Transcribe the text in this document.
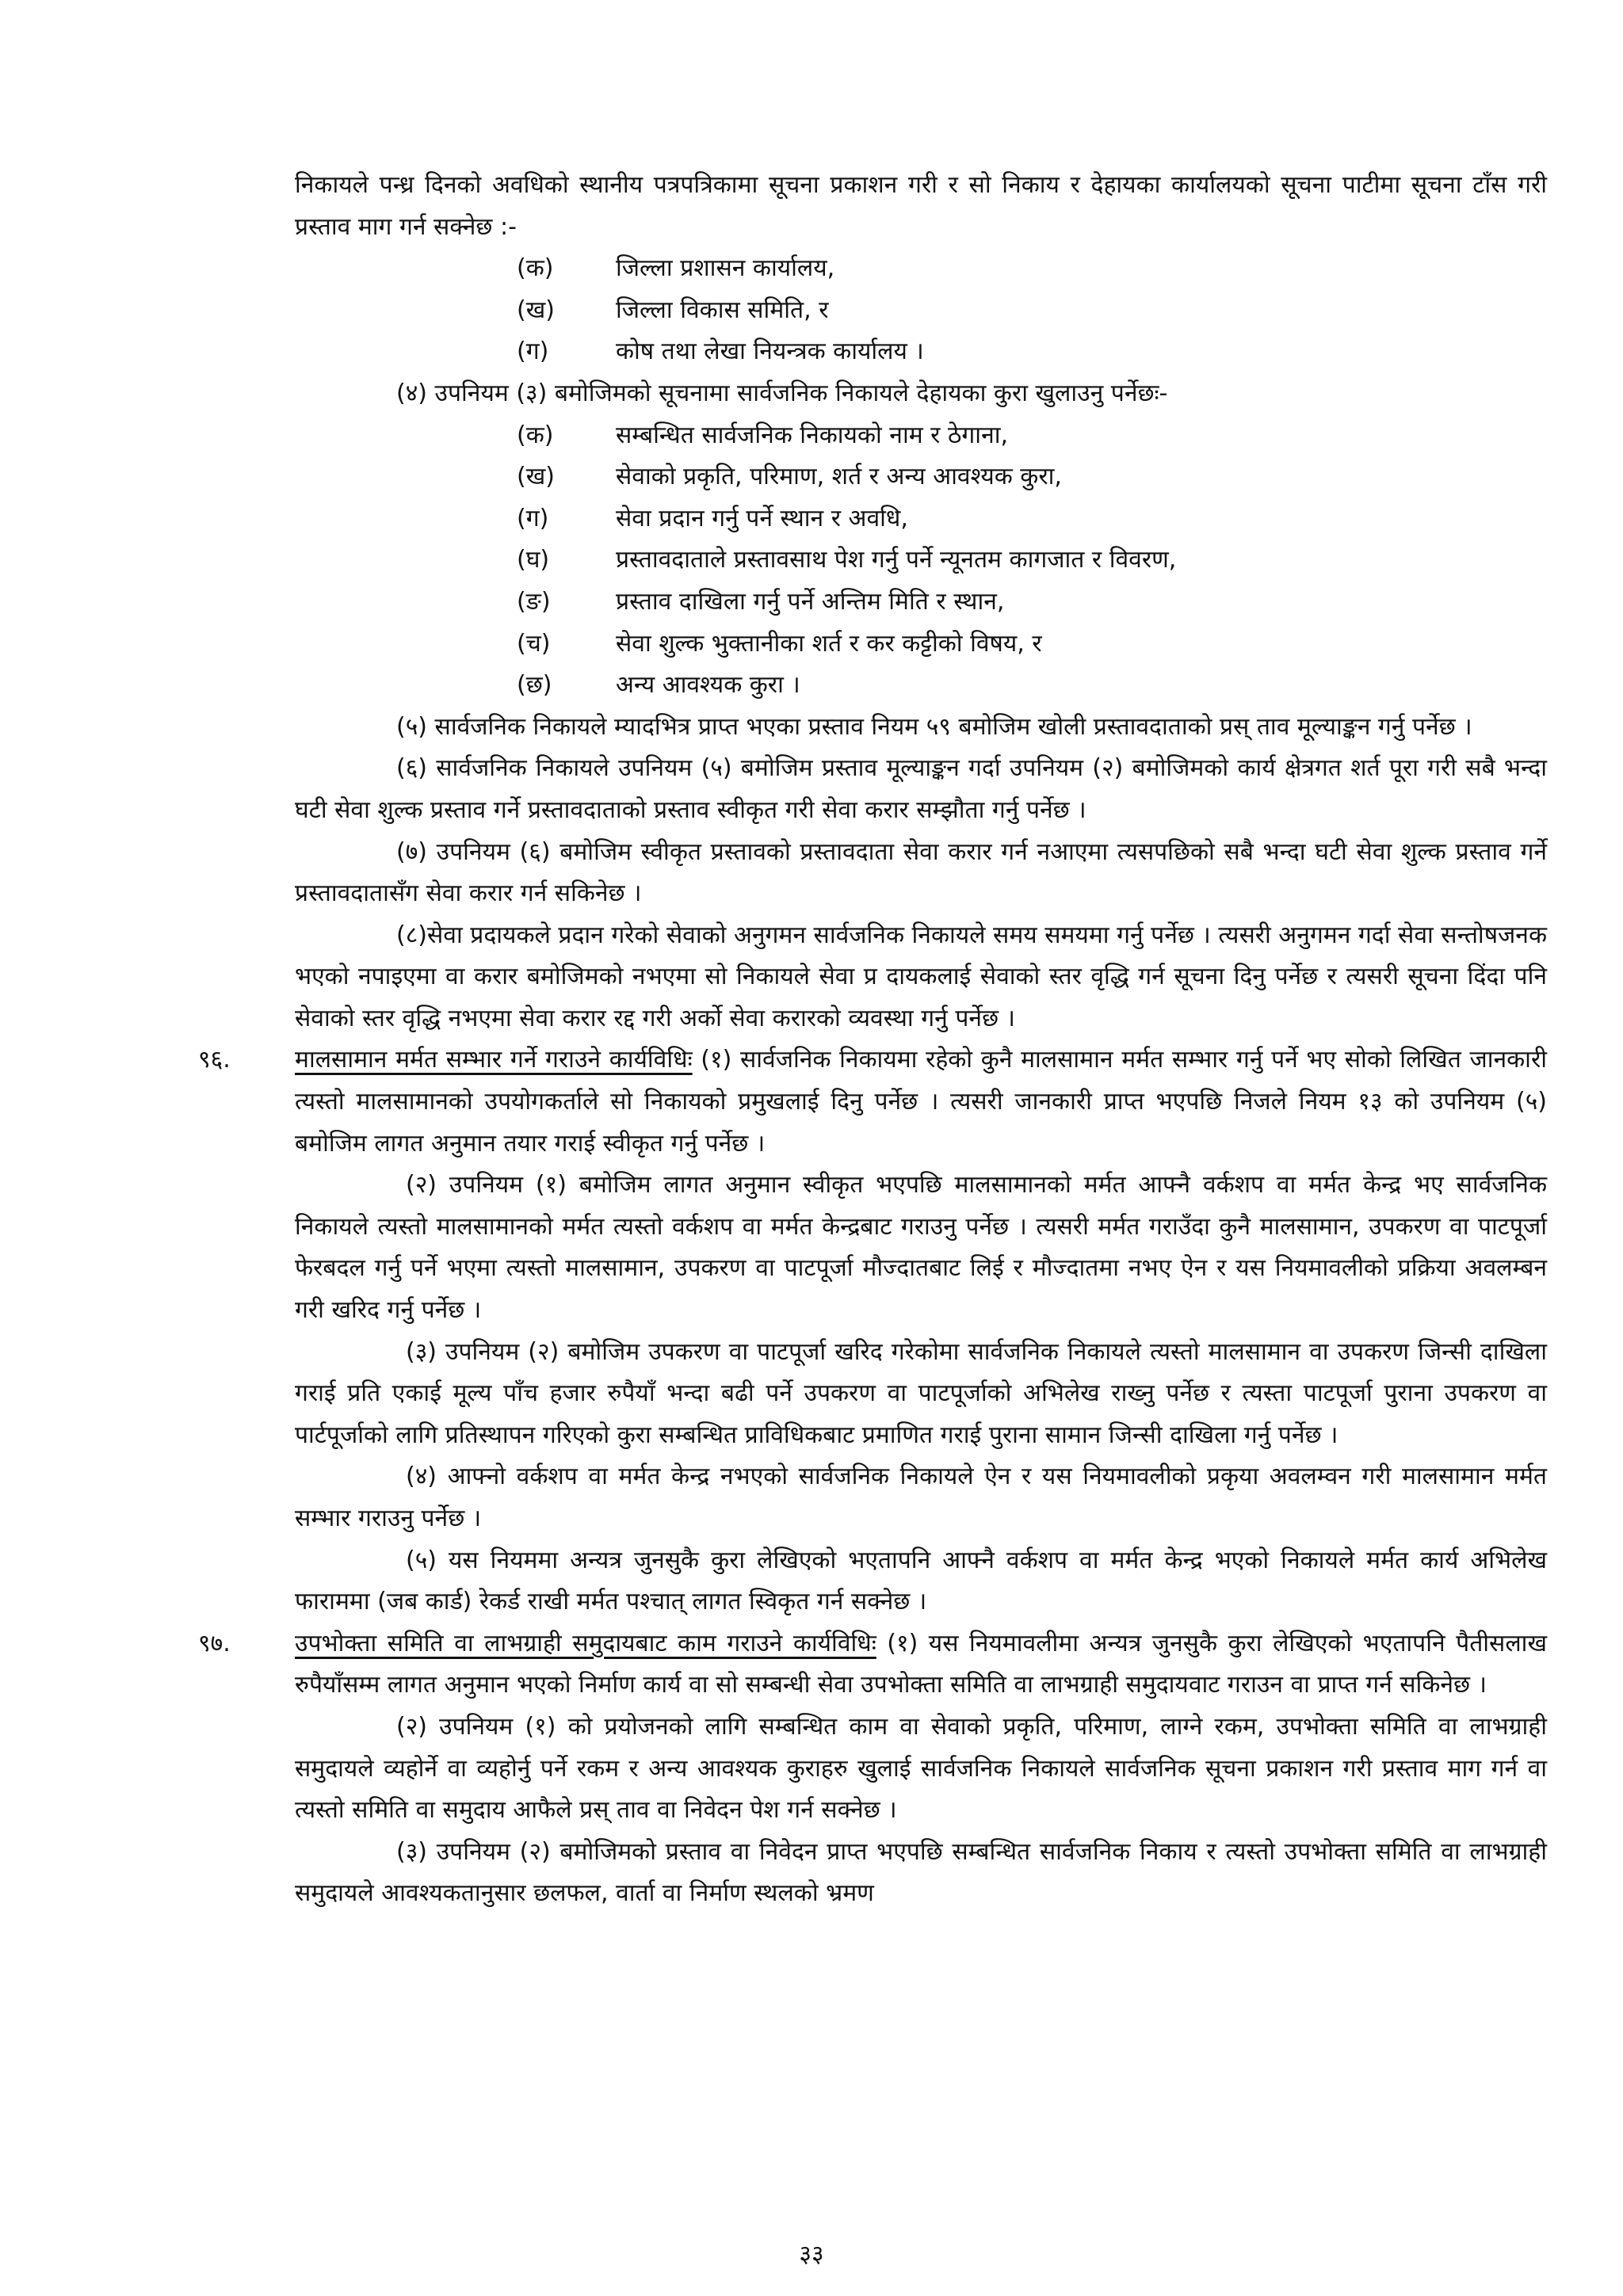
निकायले पन्ध्र दिनको अवधिको स्थानीय पत्रपत्रिकामा सूचना प्रकाशन गरी र सो निकाय र देहायका कार्यालयको सूचना पाटीमा सूचना टाँस गरी प्रस्ताव माग गर्न सक्नेछ :-

(क)	जिल्ला प्रशासन कार्यालय,
(ख)	जिल्ला विकास समिति, र
(ग)	कोष तथा लेखा नियन्त्रक कार्यालय ।

(४) उपनियम (३) बमोजिमको सूचनामा सार्वजनिक निकायले देहायका कुरा खुलाउनु पर्नेछः-

(क)	सम्बन्धित सार्वजनिक निकायको नाम र ठेगाना,
(ख)	सेवाको प्रकृति, परिमाण, शर्त र अन्य आवश्यक कुरा,
(ग)	सेवा प्रदान गर्नु पर्ने स्थान र अवधि,
(घ)	प्रस्तावदाताले प्रस्तावसाथ पेश गर्नु पर्ने न्यूनतम कागजात र विवरण,
(ङ)	प्रस्ताव दाखिला गर्नु पर्ने अन्तिम मिति र स्थान,
(च)	सेवा शुल्क भुक्तानीका शर्त र कर कट्टीको विषय, र
(छ)	अन्य आवश्यक कुरा ।

(५) सार्वजनिक निकायले म्यादभित्र प्राप्त भएका प्रस्ताव नियम ५९ बमोजिम खोली प्रस्तावदाताको प्रस् ताव मूल्याङ्कन गर्नु पर्नेछ ।

(६) सार्वजनिक निकायले उपनियम (५) बमोजिम प्रस्ताव मूल्याङ्कन गर्दा उपनियम (२) बमोजिमको कार्य क्षेत्रगत शर्त पूरा गरी सबै भन्दा घटी सेवा शुल्क प्रस्ताव गर्ने प्रस्तावदाताको प्रस्ताव स्वीकृत गरी सेवा करार सम्झौता गर्नु पर्नेछ ।

(७) उपनियम (६) बमोजिम स्वीकृत प्रस्तावको प्रस्तावदाता सेवा करार गर्न नआएमा त्यसपछिको सबै भन्दा घटी सेवा शुल्क प्रस्ताव गर्ने प्रस्तावदातासँग सेवा करार गर्न सकिनेछ ।

(८)सेवा प्रदायकले प्रदान गरेको सेवाको अनुगमन सार्वजनिक निकायले समय समयमा गर्नु पर्नेछ । त्यसरी अनुगमन गर्दा सेवा सन्तोषजनक भएको नपाइएमा वा करार बमोजिमको नभएमा सो निकायले सेवा प्र दायकलाई सेवाको स्तर वृद्धि गर्न सूचना दिनु पर्नेछ र त्यसरी सूचना दिंदा पनि सेवाको स्तर वृद्धि नभएमा सेवा करार रद्द गरी अर्को सेवा करारको व्यवस्था गर्नु पर्नेछ ।

९६.	मालसामान मर्मत सम्भार गर्ने गराउने कार्यविधिः (१) सार्वजनिक निकायमा रहेको कुनै मालसामान मर्मत सम्भार गर्नु पर्ने भए सोको लिखित जानकारी त्यस्तो मालसामानको उपयोगकर्ताले सो निकायको प्रमुखलाई दिनु पर्नेछ । त्यसरी जानकारी प्राप्त भएपछि निजले नियम १३ को उपनियम (५) बमोजिम लागत अनुमान तयार गराई स्वीकृत गर्नु पर्नेछ ।

(२) उपनियम (१) बमोजिम लागत अनुमान स्वीकृत भएपछि मालसामानको मर्मत आफ्नै वर्कशप वा मर्मत केन्द्र भए सार्वजनिक निकायले त्यस्तो मालसामानको मर्मत त्यस्तो वर्कशप वा मर्मत केन्द्रबाट गराउनु पर्नेछ । त्यसरी मर्मत गराउँदा कुनै मालसामान, उपकरण वा पाटपूर्जा फेरबदल गर्नु पर्ने भएमा त्यस्तो मालसामान, उपकरण वा पाटपूर्जा मौज्दातबाट लिई र मौज्दातमा नभए ऐन र यस नियमावलीको प्रक्रिया अवलम्बन गरी खरिद गर्नु पर्नेछ ।

(३) उपनियम (२) बमोजिम उपकरण वा पाटपूर्जा खरिद गरेकोमा सार्वजनिक निकायले त्यस्तो मालसामान वा उपकरण जिन्सी दाखिला गराई प्रति एकाई मूल्य पाँच हजार रुपैयाँ भन्दा बढी पर्ने उपकरण वा पाटपूर्जाको अभिलेख राख्नु पर्नेछ र त्यस्ता पाटपूर्जा पुराना उपकरण वा पार्टपूर्जाको लागि प्रतिस्थापन गरिएको कुरा सम्बन्धित प्राविधिकबाट प्रमाणित गराई पुराना सामान जिन्सी दाखिला गर्नु पर्नेछ ।

(४) आफ्नो वर्कशप वा मर्मत केन्द्र नभएको सार्वजनिक निकायले ऐन र यस नियमावलीको प्रकृया अवलम्वन गरी मालसामान मर्मत सम्भार गराउनु पर्नेछ ।

(५) यस नियममा अन्यत्र जुनसुकै कुरा लेखिएको भएतापनि आफ्नै वर्कशप वा मर्मत केन्द्र भएको निकायले मर्मत कार्य अभिलेख फाराममा (जब कार्ड) रेकर्ड राखी मर्मत पश्चात् लागत स्विकृत गर्न सक्नेछ ।

९७.	उपभोक्ता समिति वा लाभग्राही समुदायबाट काम गराउने कार्यविधिः (१) यस नियमावलीमा अन्यत्र जुनसुकै कुरा लेखिएको भएतापनि पैतीसलाख रुपैयाँसम्म लागत अनुमान भएको निर्माण कार्य वा सो सम्बन्धी सेवा उपभोक्ता समिति वा लाभग्राही समुदायवाट गराउन वा प्राप्त गर्न सकिनेछ ।

(२) उपनियम (१) को प्रयोजनको लागि सम्बन्धित काम वा सेवाको प्रकृति, परिमाण, लाग्ने रकम, उपभोक्ता समिति वा लाभग्राही समुदायले व्यहोर्ने वा व्यहोर्नु पर्ने रकम र अन्य आवश्यक कुराहरु खुलाई सार्वजनिक निकायले सार्वजनिक सूचना प्रकाशन गरी प्रस्ताव माग गर्न वा त्यस्तो समिति वा समुदाय आफैले प्रस् ताव वा निवेदन पेश गर्न सक्नेछ ।

(३) उपनियम (२) बमोजिमको प्रस्ताव वा निवेदन प्राप्त भएपछि सम्बन्धित सार्वजनिक निकाय र त्यस्तो उपभोक्ता समिति वा लाभग्राही समुदायले आवश्यकतानुसार छलफल, वार्ता वा निर्माण स्थलको भ्रमण

३३
